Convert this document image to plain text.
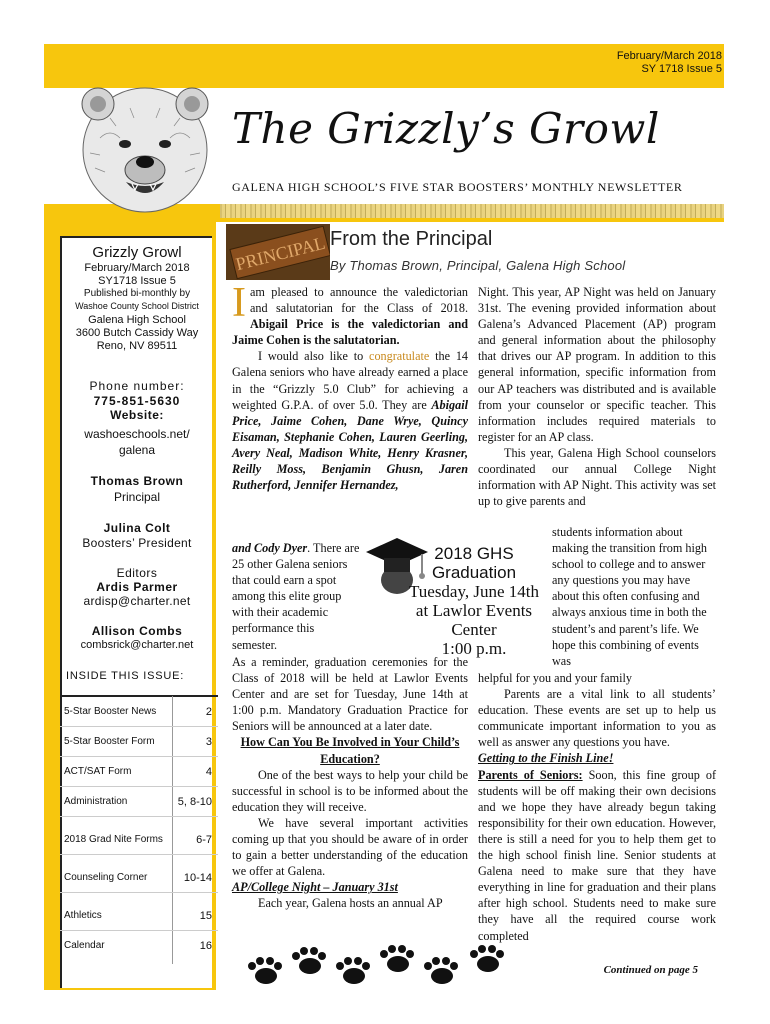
February/March 2018
SY 1718 Issue 5
The Grizzly’s Growl
GALENA HIGH SCHOOL’S FIVE STAR BOOSTERS’ MONTHLY NEWSLETTER
Grizzly Growl
February/March 2018
SY1718 Issue 5
Published bi-monthly by
Washoe County School District
Galena High School
3600 Butch Cassidy Way
Reno, NV 89511
Phone number:
775-851-5630
Website:
washoeschools.net/ galena
Thomas Brown
Principal
Julina Colt
Boosters’ President
Editors
Ardis Parmer
ardisp@charter.net
Allison Combs
combsrick@charter.net
INSIDE THIS ISSUE:
5-Star Booster News	2
5-Star Booster Form	3
ACT/SAT Form	4
Administration	5, 8-10
2018 Grad Nite Forms	6-7
Counseling Corner	10-14
Athletics	15
Calendar	16
PRINCIPAL From the Principal
By Thomas Brown, Principal, Galena High School

Iam pleased to announce the valedictorian and salutatorian for the Class of 2018. Abigail Price is the valedictorian and Jaime Cohen is the salutatorian.

I would also like to congratulate the 14 Galena seniors who have already earned a place in the “Grizzly 5.0 Club” for achieving a weighted G.P.A. of over 5.0. They are Abigail Price, Jaime Cohen, Dane Wrye, Quincy Eisaman, Stephanie Cohen, Lauren Geerling, Avery Neal, Madison White, Henry Krasner, Reilly Moss, Benjamin Ghusn, Jaren Rutherford, Jennifer Hernandez,

and Cody Dyer. There are 25 other Galena seniors that could earn a spot among this elite group with their academic performance this semester.

As a reminder, graduation ceremonies for the Class of 2018 will be held at Lawlor Events Center and are set for Tuesday, June 14th at 1:00 p.m. Mandatory Graduation Practice for Seniors will be announced at a later date.

How Can You Be Involved in Your Child’s Education?

One of the best ways to help your child be successful in school is to be informed about the education they will receive.

We have several important activities coming up that you should be aware of in order to gain a better understanding of the education we offer at Galena.

AP/College Night – January 31st

Each year, Galena hosts an annual AP

Night. This year, AP Night was held on January 31st. The evening provided information about Galena’s Advanced Placement (AP) program and general information about the philosophy that drives our AP program. In addition to this general information, specific information from our AP teachers was distributed and is available from your counselor or specific teacher. This information includes required materials to register for an AP class.

This year, Galena High School counselors coordinated our annual College Night information with AP Night. This activity was set up to give parents and

students information about making the transition from high school to college and to answer any questions you may have about this often confusing and always anxious time in both the student’s and parent’s life. We hope this combining of events was

helpful for you and your family

Parents are a vital link to all students’ education. These events are set up to help us communicate important information to you as well as answer any questions you have.

Getting to the Finish Line!

Parents of Seniors: Soon, this fine group of students will be off making their own decisions and we hope they have already begun taking responsibility for their own education. However, there is still a need for you to help them get to the high school finish line. Senior students at Galena need to make sure that they have everything in line for graduation and their plans after high school. Students need to make sure they have all the required course work completed

2018 GHS
Graduation
Tuesday, June 14th
at Lawlor Events
Center
1:00 p.m.
Continued on page 5
